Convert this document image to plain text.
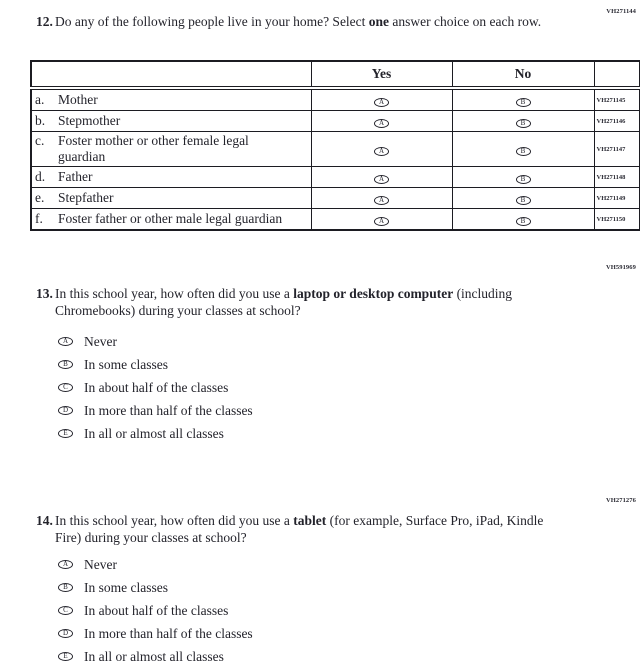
VH271144
12. Do any of the following people live in your home? Select one answer choice on each row.
	Yes	No	

a. Mother	A	B	VH271145

b. Stepmother	A	B	VH271146

c. Foster mother or other female legal guardian	A	B	VH271147

d. Father	A	B	VH271148

e. Stepfather	A	B	VH271149

f. Foster father or other male legal guardian	A	B	VH271150
VH591969
13. In this school year, how often did you use a laptop or desktop computer (including Chromebooks) during your classes at school?
A	Never
B	In some classes
C	In about half of the classes
D	In more than half of the classes
E	In all or almost all classes
VH271276
14. In this school year, how often did you use a tablet (for example, Surface Pro, iPad, Kindle Fire) during your classes at school?
A	Never
B	In some classes
C	In about half of the classes
D	In more than half of the classes
E	In all or almost all classes
